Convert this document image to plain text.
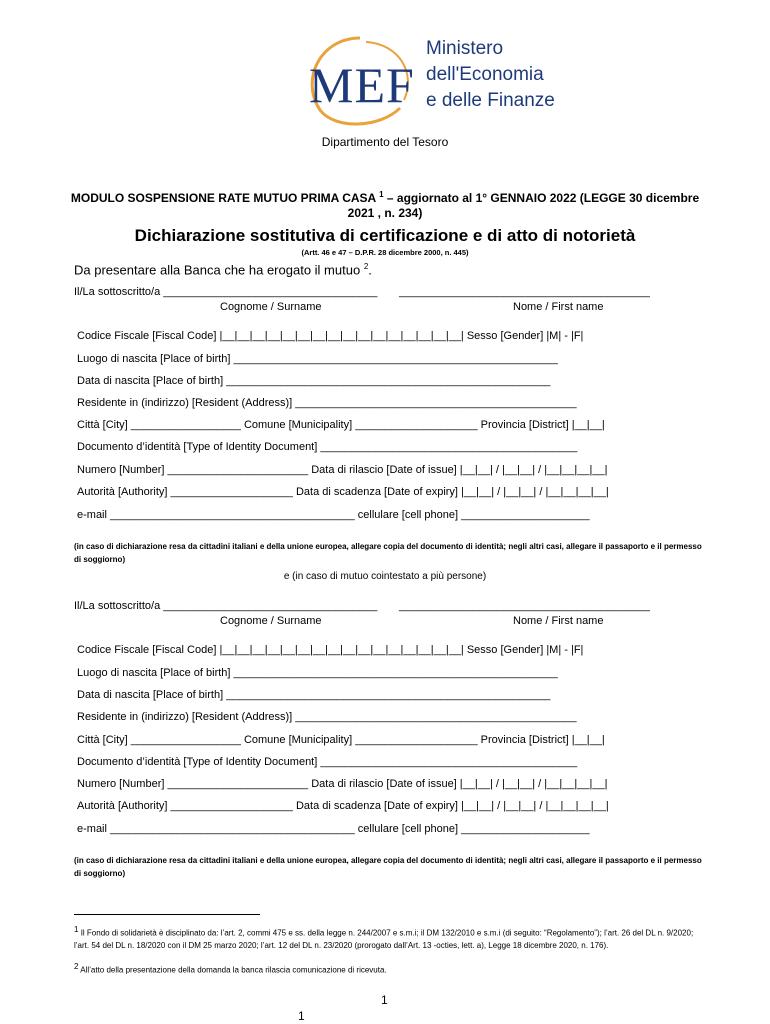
MEF
Ministero
dell'Economia
e delle Finanze
Dipartimento del Tesoro
MODULO SOSPENSIONE RATE MUTUO PRIMA CASA $^1$ – aggiornato al 1° GENNAIO 2022 (LEGGE 30 dicembre 2021 , n. 234)
Dichiarazione sostitutiva di certificazione e di atto di notorietà
(Artt. 46 e 47 – D.P.R. 28 dicembre 2000, n. 445)
Da presentare alla Banca che ha erogato il mutuo $^2$.
Il/La sottoscritto/a ___________________________________ _________________________________________
Cognome / Surname	Nome / First name
Codice Fiscale [Fiscal Code] |__|__|__|__|__|__|__|__|__|__|__|__|__|__|__|__| Sesso [Gender] |M| - |F|
Luogo di nascita [Place of birth] _____________________________________________________
Data di nascita [Place of birth] _____________________________________________________
Residente in (indirizzo) [Resident (Address)] ______________________________________________
Città [City] __________________ Comune [Municipality] ____________________ Provincia [District] |__|__|
Documento d’identità [Type of Identity Document] __________________________________________
Numero [Number] _______________________ Data di rilascio [Date of issue] |__|__| / |__|__| / |__|__|__|__|
Autorità [Authority] ____________________ Data di scadenza [Date of expiry] |__|__| / |__|__| / |__|__|__|__|
e-mail ________________________________________ cellulare [cell phone] _____________________
(in caso di dichiarazione resa da cittadini italiani e della unione europea, allegare copia del documento di identità; negli altri casi, allegare il passaporto e il permesso di soggiorno)
e (in caso di mutuo cointestato a più persone)
Il/La sottoscritto/a ___________________________________ _________________________________________
Cognome / Surname	Nome / First name
Codice Fiscale [Fiscal Code] |__|__|__|__|__|__|__|__|__|__|__|__|__|__|__|__| Sesso [Gender] |M| - |F|
Luogo di nascita [Place of birth] _____________________________________________________
Data di nascita [Place of birth] _____________________________________________________
Residente in (indirizzo) [Resident (Address)] ______________________________________________
Città [City] __________________ Comune [Municipality] ____________________ Provincia [District] |__|__|
Documento d’identità [Type of Identity Document] __________________________________________
Numero [Number] _______________________ Data di rilascio [Date of issue] |__|__| / |__|__| / |__|__|__|__|
Autorità [Authority] ____________________ Data di scadenza [Date of expiry] |__|__| / |__|__| / |__|__|__|__|
e-mail ________________________________________ cellulare [cell phone] _____________________
(in caso di dichiarazione resa da cittadini italiani e della unione europea, allegare copia del documento di identità; negli altri casi, allegare il passaporto e il permesso di soggiorno)
1 Il Fondo di solidarietà è disciplinato da: l’art. 2, commi 475 e ss. della legge n. 244/2007 e s.m.i; il DM 132/2010 e s.m.i (di seguito: “Regolamento”); l’art. 26 del DL n. 9/2020; l’art. 54 del DL n. 18/2020 con il DM 25 marzo 2020; l’art. 12 del DL n. 23/2020 (prorogato dall’Art. 13 -octies, lett. a), Legge 18 dicembre 2020, n. 176).
2 All’atto della presentazione della domanda la banca rilascia comunicazione di ricevuta.
1
1
